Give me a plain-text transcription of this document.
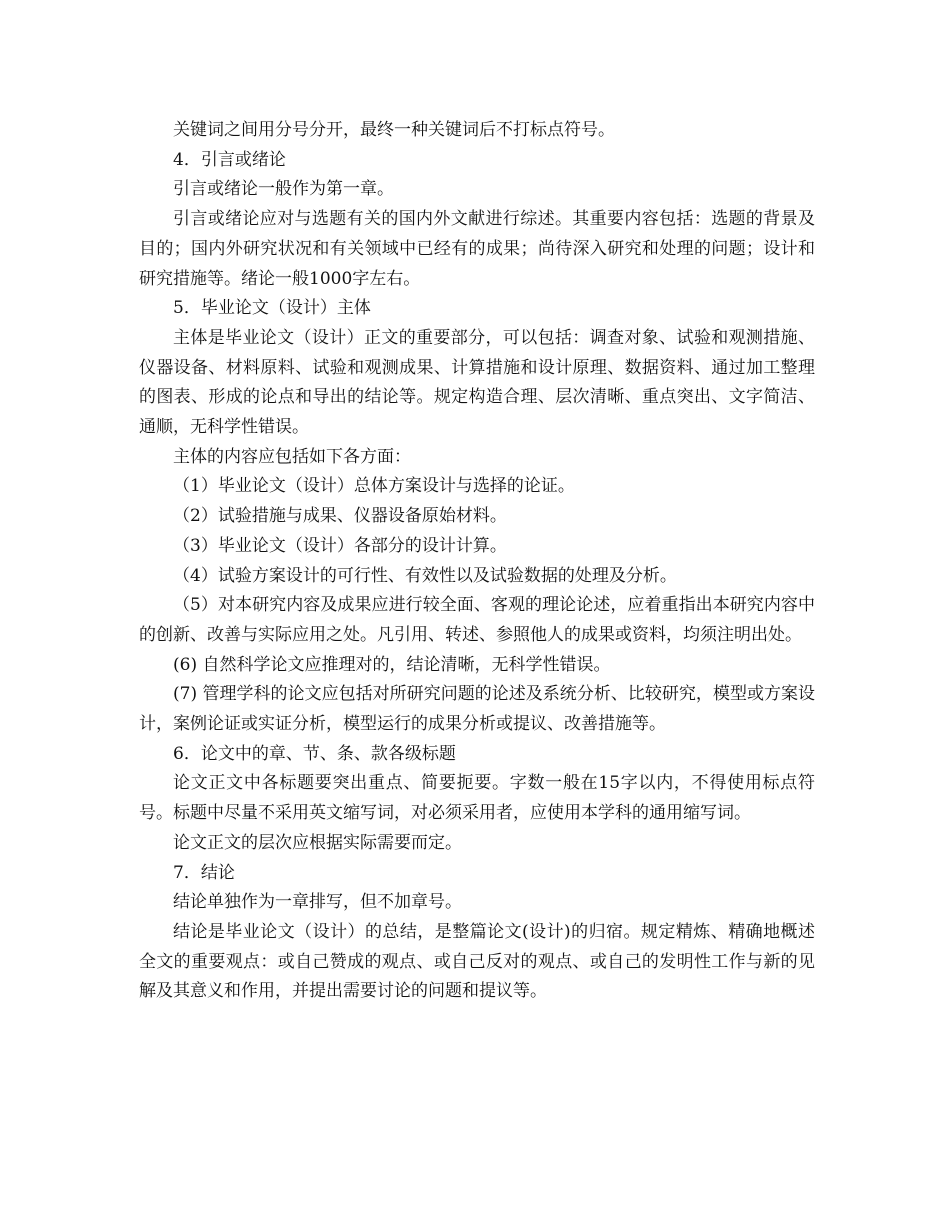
关键词之间用分号分开，最终一种关键词后不打标点符号。

4．引言或绪论

引言或绪论一般作为第一章。

引言或绪论应对与选题有关的国内外文献进行综述。其重要内容包括：选题的背景及目的；国内外研究状况和有关领域中已经有的成果；尚待深入研究和处理的问题；设计和研究措施等。绪论一般1000字左右。

5．毕业论文（设计）主体

主体是毕业论文（设计）正文的重要部分，可以包括：调查对象、试验和观测措施、仪器设备、材料原料、试验和观测成果、计算措施和设计原理、数据资料、通过加工整理的图表、形成的论点和导出的结论等。规定构造合理、层次清晰、重点突出、文字简洁、通顺，无科学性错误。

主体的内容应包括如下各方面：

（1）毕业论文（设计）总体方案设计与选择的论证。

（2）试验措施与成果、仪器设备原始材料。

（3）毕业论文（设计）各部分的设计计算。

（4）试验方案设计的可行性、有效性以及试验数据的处理及分析。

（5）对本研究内容及成果应进行较全面、客观的理论论述，应着重指出本研究内容中的创新、改善与实际应用之处。凡引用、转述、参照他人的成果或资料，均须注明出处。

(6) 自然科学论文应推理对的，结论清晰，无科学性错误。

(7) 管理学科的论文应包括对所研究问题的论述及系统分析、比较研究，模型或方案设计，案例论证或实证分析，模型运行的成果分析或提议、改善措施等。

6．论文中的章、节、条、款各级标题

论文正文中各标题要突出重点、简要扼要。字数一般在15字以内，不得使用标点符号。标题中尽量不采用英文缩写词，对必须采用者，应使用本学科的通用缩写词。

论文正文的层次应根据实际需要而定。

7．结论

结论单独作为一章排写，但不加章号。

结论是毕业论文（设计）的总结，是整篇论文(设计)的归宿。规定精炼、精确地概述全文的重要观点：或自己赞成的观点、或自己反对的观点、或自己的发明性工作与新的见解及其意义和作用，并提出需要讨论的问题和提议等。
